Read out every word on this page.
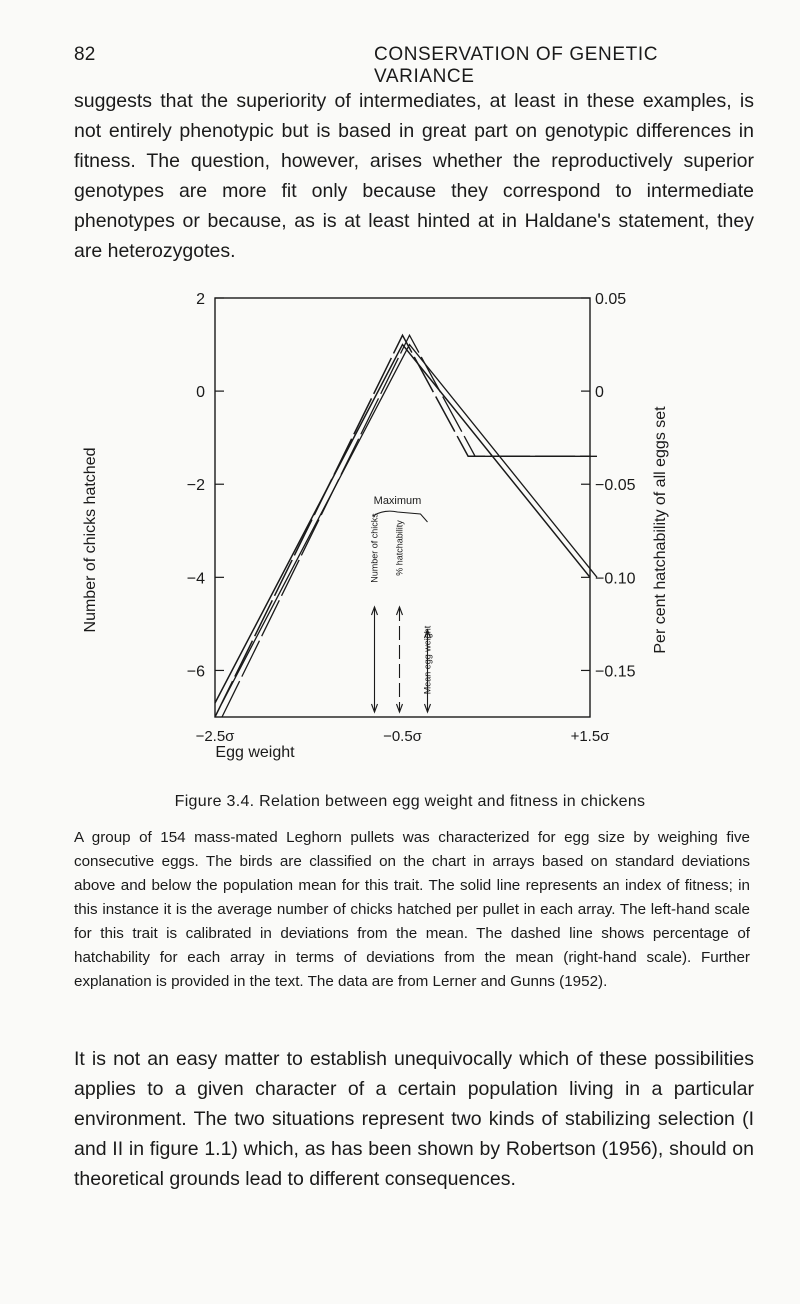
82	CONSERVATION OF GENETIC VARIANCE

suggests that the superiority of intermediates, at least in these examples, is not entirely phenotypic but is based in great part on genotypic differences in fitness. The question, however, arises whether the reproductively superior genotypes are more fit only because they correspond to intermediate phenotypes or because, as is at least hinted at in Haldane's statement, they are heterozygotes.

2
0
−2
−4
−6
0.05
0
−0.05
−0.10
−0.15
−2.5σ	−0.5σ	+1.5σ
Maximum
Number of chicks % hatchability
Mean egg weight
Number of chicks hatched	Per cent hatchability of all eggs set
Egg weight
Figure 3.4. Relation between egg weight and fitness in chickens

A group of 154 mass-mated Leghorn pullets was characterized for egg size by weighing five consecutive eggs. The birds are classified on the chart in arrays based on standard deviations above and below the population mean for this trait. The solid line represents an index of fitness; in this instance it is the average number of chicks hatched per pullet in each array. The left-hand scale for this trait is calibrated in deviations from the mean. The dashed line shows percentage of hatchability for each array in terms of deviations from the mean (right-hand scale). Further explanation is provided in the text. The data are from Lerner and Gunns (1952).

It is not an easy matter to establish unequivocally which of these possibilities applies to a given character of a certain population living in a particular environment. The two situations represent two kinds of stabilizing selection (I and II in figure 1.1) which, as has been shown by Robertson (1956), should on theoretical grounds lead to different consequences.
